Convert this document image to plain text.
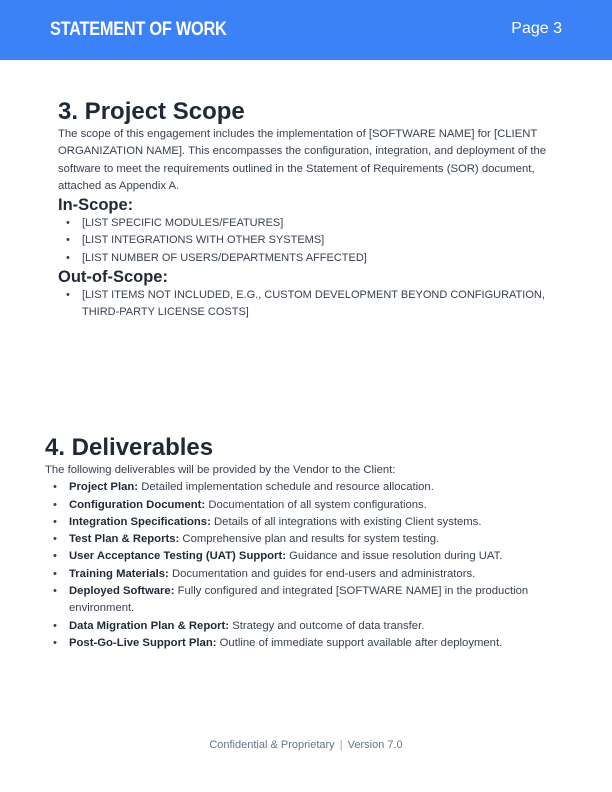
STATEMENT OF WORK	Page 3
3. Project Scope

The scope of this engagement includes the implementation of [SOFTWARE NAME] for [CLIENT ORGANIZATION NAME]. This encompasses the configuration, integration, and deployment of the software to meet the requirements outlined in the Statement of Requirements (SOR) document, attached as Appendix A.

In-Scope:
• [LIST SPECIFIC MODULES/FEATURES]
• [LIST INTEGRATIONS WITH OTHER SYSTEMS]
• [LIST NUMBER OF USERS/DEPARTMENTS AFFECTED]
Out-of-Scope:
• [LIST ITEMS NOT INCLUDED, E.G., CUSTOM DEVELOPMENT BEYOND CONFIGURATION, THIRD-PARTY LICENSE COSTS]
4. Deliverables

The following deliverables will be provided by the Vendor to the Client:

• Project Plan: Detailed implementation schedule and resource allocation.
• Configuration Document: Documentation of all system configurations.
• Integration Specifications: Details of all integrations with existing Client systems.
• Test Plan & Reports: Comprehensive plan and results for system testing.
• User Acceptance Testing (UAT) Support: Guidance and issue resolution during UAT.
• Training Materials: Documentation and guides for end-users and administrators.
• Deployed Software: Fully configured and integrated [SOFTWARE NAME] in the production environment.
• Data Migration Plan & Report: Strategy and outcome of data transfer.
• Post-Go-Live Support Plan: Outline of immediate support available after deployment.
Confidential & Proprietary | Version 7.0
